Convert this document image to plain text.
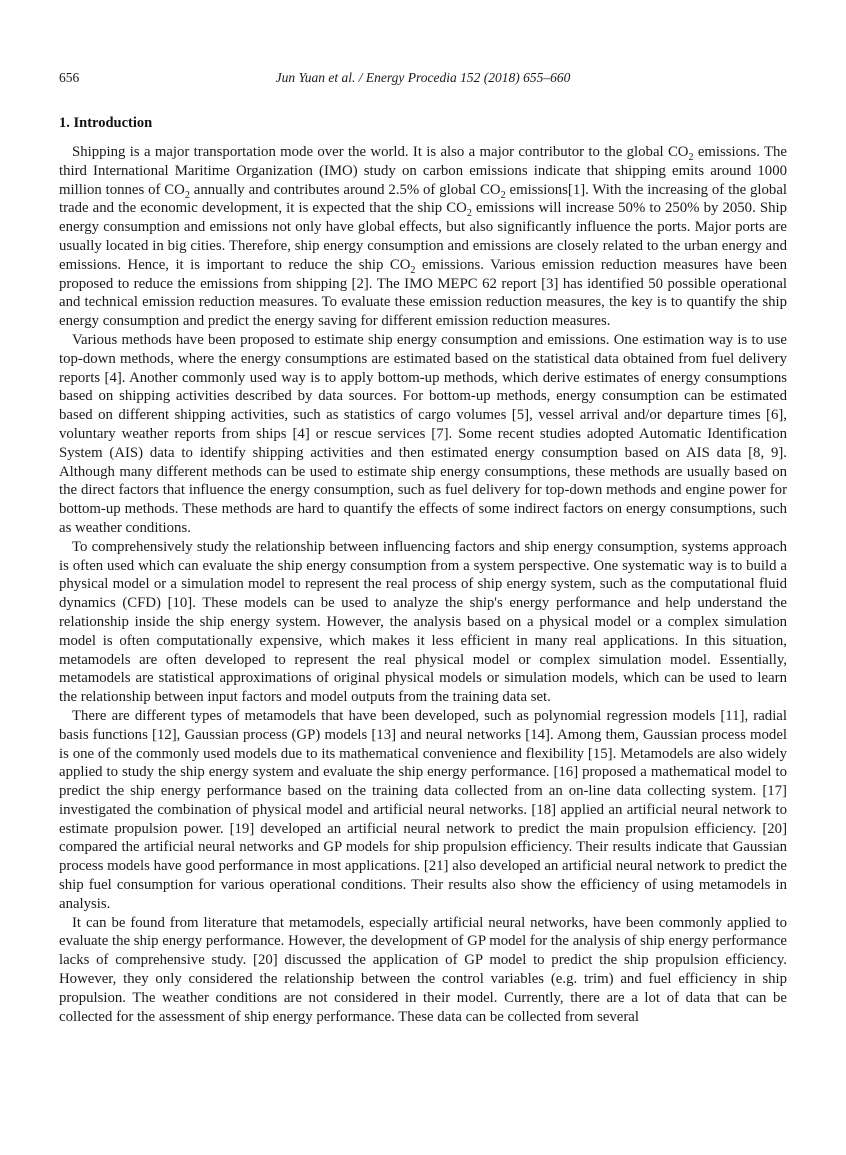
656	Jun Yuan et al. / Energy Procedia 152 (2018) 655–660
1. Introduction

Shipping is a major transportation mode over the world. It is also a major contributor to the global $CO_2$ emissions. The third International Maritime Organization (IMO) study on carbon emissions indicate that shipping emits around 1000 million tonnes of $CO_2$ annually and contributes around 2.5% of global $CO_2$ emissions[1]. With the increasing of the global trade and the economic development, it is expected that the ship $CO_2$ emissions will increase 50% to 250% by 2050. Ship energy consumption and emissions not only have global effects, but also significantly influence the ports. Major ports are usually located in big cities. Therefore, ship energy consumption and emissions are closely related to the urban energy and emissions. Hence, it is important to reduce the ship $CO_2$ emissions. Various emission reduction measures have been proposed to reduce the emissions from shipping [2]. The IMO MEPC 62 report [3] has identified 50 possible operational and technical emission reduction measures. To evaluate these emission reduction measures, the key is to quantify the ship energy consumption and predict the energy saving for different emission reduction measures.

Various methods have been proposed to estimate ship energy consumption and emissions. One estimation way is to use top-down methods, where the energy consumptions are estimated based on the statistical data obtained from fuel delivery reports [4]. Another commonly used way is to apply bottom-up methods, which derive estimates of energy consumptions based on shipping activities described by data sources. For bottom-up methods, energy consumption can be estimated based on different shipping activities, such as statistics of cargo volumes [5], vessel arrival and/or departure times [6], voluntary weather reports from ships [4] or rescue services [7]. Some recent studies adopted Automatic Identification System (AIS) data to identify shipping activities and then estimated energy consumption based on AIS data [8, 9]. Although many different methods can be used to estimate ship energy consumptions, these methods are usually based on the direct factors that influence the energy consumption, such as fuel delivery for top-down methods and engine power for bottom-up methods. These methods are hard to quantify the effects of some indirect factors on energy consumptions, such as weather conditions.

To comprehensively study the relationship between influencing factors and ship energy consumption, systems approach is often used which can evaluate the ship energy consumption from a system perspective. One systematic way is to build a physical model or a simulation model to represent the real process of ship energy system, such as the computational fluid dynamics (CFD) [10]. These models can be used to analyze the ship's energy performance and help understand the relationship inside the ship energy system. However, the analysis based on a physical model or a complex simulation model is often computationally expensive, which makes it less efficient in many real applications. In this situation, metamodels are often developed to represent the real physical model or complex simulation model. Essentially, metamodels are statistical approximations of original physical models or simulation models, which can be used to learn the relationship between input factors and model outputs from the training data set.

There are different types of metamodels that have been developed, such as polynomial regression models [11], radial basis functions [12], Gaussian process (GP) models [13] and neural networks [14]. Among them, Gaussian process model is one of the commonly used models due to its mathematical convenience and flexibility [15]. Metamodels are also widely applied to study the ship energy system and evaluate the ship energy performance. [16] proposed a mathematical model to predict the ship energy performance based on the training data collected from an on-line data collecting system. [17] investigated the combination of physical model and artificial neural networks. [18] applied an artificial neural network to estimate propulsion power. [19] developed an artificial neural network to predict the main propulsion efficiency. [20] compared the artificial neural networks and GP models for ship propulsion efficiency. Their results indicate that Gaussian process models have good performance in most applications. [21] also developed an artificial neural network to predict the ship fuel consumption for various operational conditions. Their results also show the efficiency of using metamodels in analysis.

It can be found from literature that metamodels, especially artificial neural networks, have been commonly applied to evaluate the ship energy performance. However, the development of GP model for the analysis of ship energy performance lacks of comprehensive study. [20] discussed the application of GP model to predict the ship propulsion efficiency. However, they only considered the relationship between the control variables (e.g. trim) and fuel efficiency in ship propulsion. The weather conditions are not considered in their model. Currently, there are a lot of data that can be collected for the assessment of ship energy performance. These data can be collected from several
